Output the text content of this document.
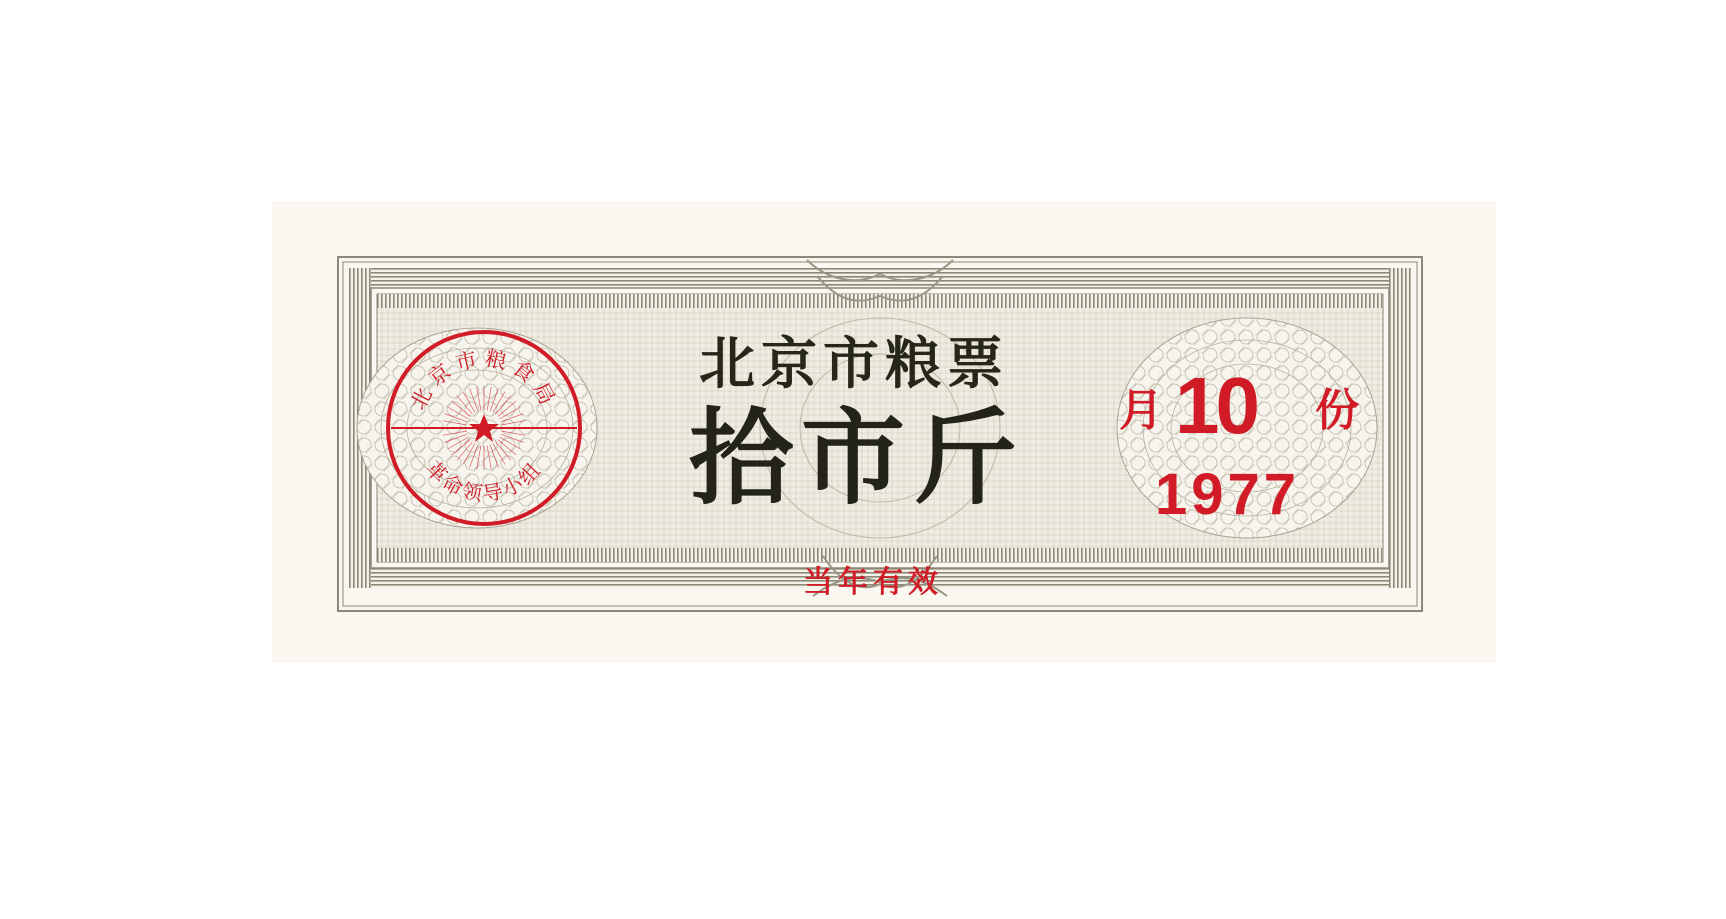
北京市粮食局
革命领导小组
北京市粮票
拾市斤	月 10 份
1977
当年有效
